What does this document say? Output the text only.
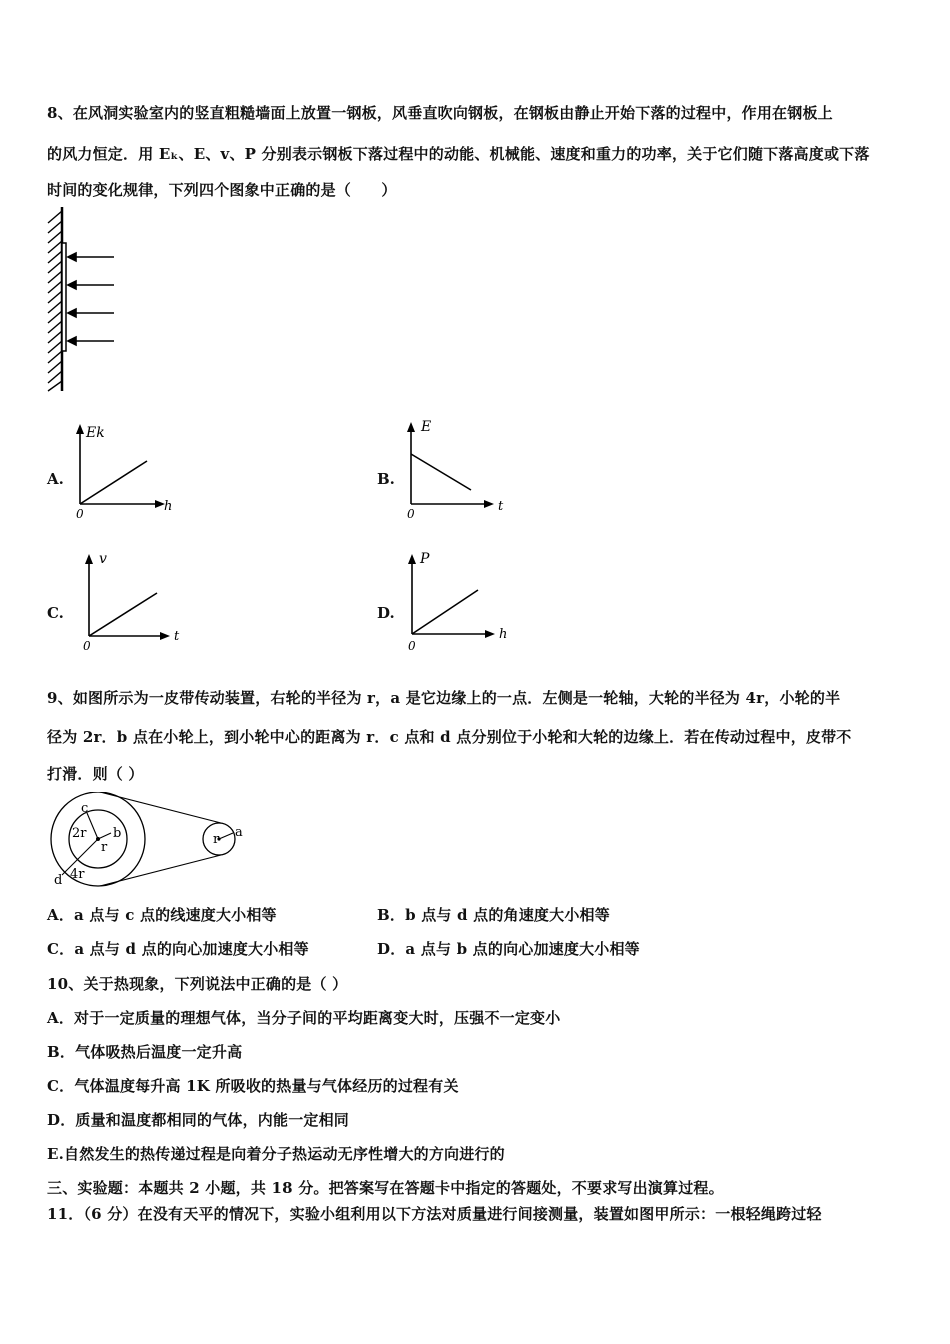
8、在风洞实验室内的竖直粗糙墙面上放置一钢板，风垂直吹向钢板，在钢板由静止开始下落的过程中，作用在钢板上
的风力恒定．用 Eₖ、E、v、P 分别表示钢板下落过程中的动能、机械能、速度和重力的功率，关于它们随下落高度或下落
时间的变化规律，下列四个图象中正确的是（　　）
A.
Ek
h
0
B.
E
t
0
C.
v
t
0
D.
P
h
0
9、如图所示为一皮带传动装置，右轮的半径为 r，a 是它边缘上的一点．左侧是一轮轴，大轮的半径为 4r，小轮的半
径为 2r．b 点在小轮上，到小轮中心的距离为 r．c 点和 d 点分别位于小轮和大轮的边缘上．若在传动过程中，皮带不
打滑．则（ ）
c
2r b
r
d 4r
r a
A．a 点与 c 点的线速度大小相等	B．b 点与 d 点的角速度大小相等
C．a 点与 d 点的向心加速度大小相等	D．a 点与 b 点的向心加速度大小相等
10、关于热现象，下列说法中正确的是（ ）
A．对于一定质量的理想气体，当分子间的平均距离变大时，压强不一定变小
B．气体吸热后温度一定升高
C．气体温度每升高 1K 所吸收的热量与气体经历的过程有关
D．质量和温度都相同的气体，内能一定相同
E.自然发生的热传递过程是向着分子热运动无序性增大的方向进行的
三、实验题：本题共 2 小题，共 18 分。把答案写在答题卡中指定的答题处，不要求写出演算过程。
11．（6 分）在没有天平的情况下，实验小组利用以下方法对质量进行间接测量，装置如图甲所示：一根轻绳跨过轻
